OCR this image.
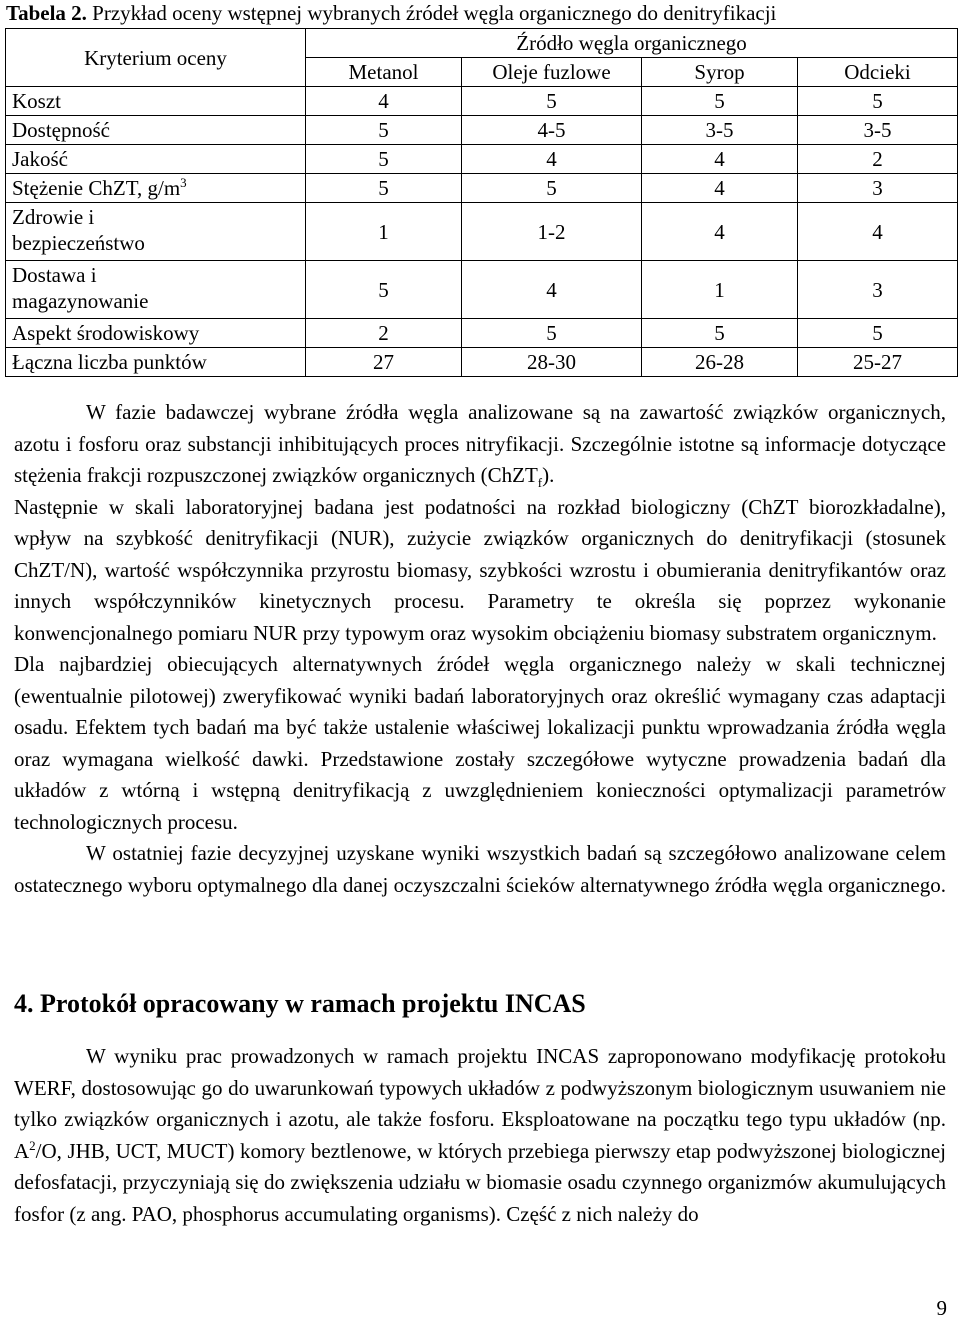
Tabela 2. Przykład oceny wstępnej wybranych źródeł węgla organicznego do denitryfikacji
Kryterium oceny	Źródło węgla organicznego			
	Metanol	Oleje fuzlowe	Syrop	Odcieki
Koszt	4	5	5	5
Dostępność	5	4-5	3-5	3-5
Jakość	5	4	4	2
Stężenie ChZT, $g/m^3$	5	5	4	3
Zdrowie i
bezpieczeństwo	1	1-2	4	4
Dostawa i
magazynowanie	5	4	1	3
Aspekt środowiskowy	2	5	5	5
Łączna liczba punktów	27	28-30	26-28	25-27

W fazie badawczej wybrane źródła węgla analizowane są na zawartość związków organicznych, azotu i fosforu oraz substancji inhibitujących proces nitryfikacji. Szczególnie istotne są informacje dotyczące stężenia frakcji rozpuszczonej związków organicznych (ChZT$_f$).

Następnie w skali laboratoryjnej badana jest podatności na rozkład biologiczny (ChZT biorozkładalne), wpływ na szybkość denitryfikacji (NUR), zużycie związków organicznych do denitryfikacji (stosunek ChZT/N), wartość współczynnika przyrostu biomasy, szybkości wzrostu i obumierania denitryfikantów oraz innych współczynników kinetycznych procesu. Parametry te określa się poprzez wykonanie konwencjonalnego pomiaru NUR przy typowym oraz wysokim obciążeniu biomasy substratem organicznym.

Dla najbardziej obiecujących alternatywnych źródeł węgla organicznego należy w skali technicznej (ewentualnie pilotowej) zweryfikować wyniki badań laboratoryjnych oraz określić wymagany czas adaptacji osadu. Efektem tych badań ma być także ustalenie właściwej lokalizacji punktu wprowadzania źródła węgla oraz wymagana wielkość dawki. Przedstawione zostały szczegółowe wytyczne prowadzenia badań dla układów z wtórną i wstępną denitryfikacją z uwzględnieniem konieczności optymalizacji parametrów technologicznych procesu.

W ostatniej fazie decyzyjnej uzyskane wyniki wszystkich badań są szczegółowo analizowane celem ostatecznego wyboru optymalnego dla danej oczyszczalni ścieków alternatywnego źródła węgla organicznego.

4. Protokół opracowany w ramach projektu INCAS

W wyniku prac prowadzonych w ramach projektu INCAS zaproponowano modyfikację protokołu WERF, dostosowując go do uwarunkowań typowych układów z podwyższonym biologicznym usuwaniem nie tylko związków organicznych i azotu, ale także fosforu. Eksploatowane na początku tego typu układów (np. $A^2/O$, JHB, UCT, MUCT) komory beztlenowe, w których przebiega pierwszy etap podwyższonej biologicznej defosfatacji, przyczyniają się do zwiększenia udziału w biomasie osadu czynnego organizmów akumulujących fosfor (z ang. PAO, phosphorus accumulating organisms). Część z nich należy do

9
